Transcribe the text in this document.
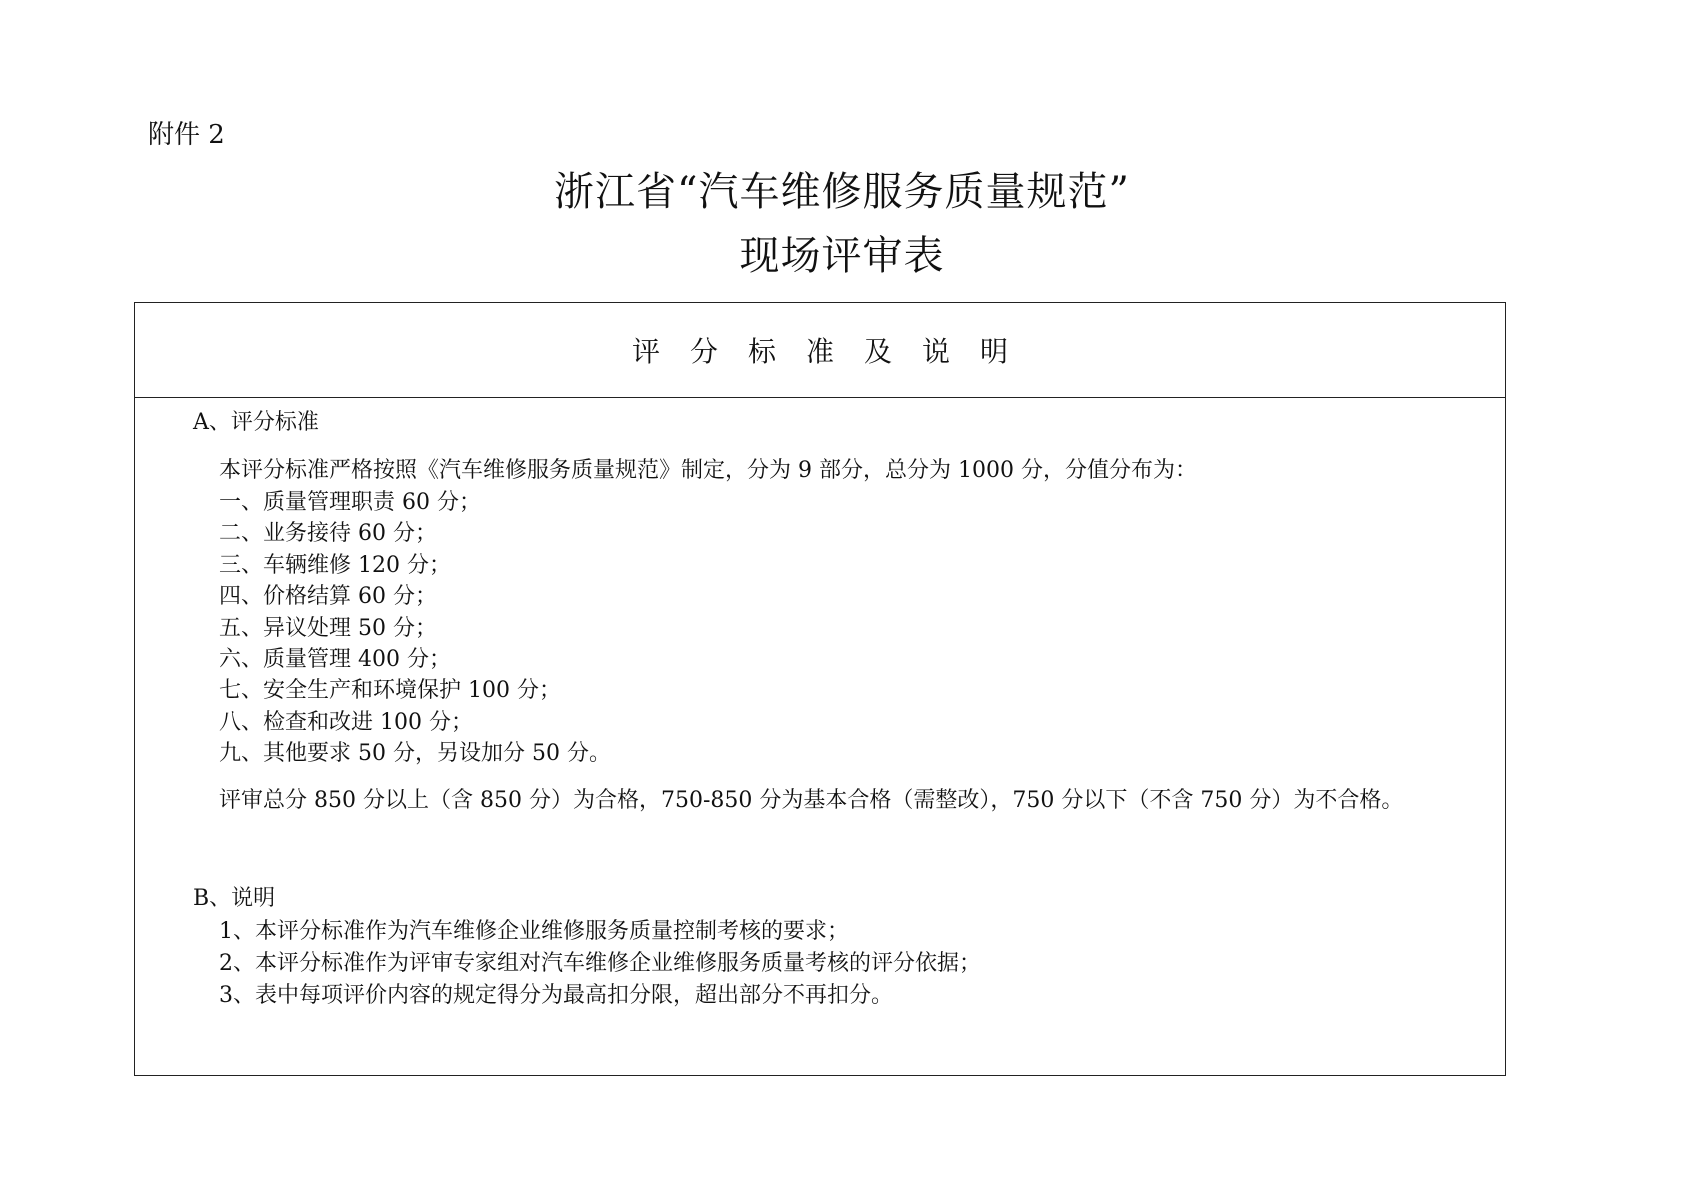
附件 2
浙江省“汽车维修服务质量规范”
现场评审表
评分标准及说明
A、评分标准
本评分标准严格按照《汽车维修服务质量规范》制定，分为 9 部分，总分为 1000 分，分值分布为：
一、质量管理职责 60 分；
二、业务接待 60 分；
三、车辆维修 120 分；
四、价格结算 60 分；
五、异议处理 50 分；
六、质量管理 400 分；
七、安全生产和环境保护 100 分；
八、检查和改进 100 分；
九、其他要求 50 分，另设加分 50 分。
评审总分 850 分以上（含 850 分）为合格，750-850 分为基本合格（需整改），750 分以下（不含 750 分）为不合格。
B、说明
1、本评分标准作为汽车维修企业维修服务质量控制考核的要求；
2、本评分标准作为评审专家组对汽车维修企业维修服务质量考核的评分依据；
3、表中每项评价内容的规定得分为最高扣分限，超出部分不再扣分。
